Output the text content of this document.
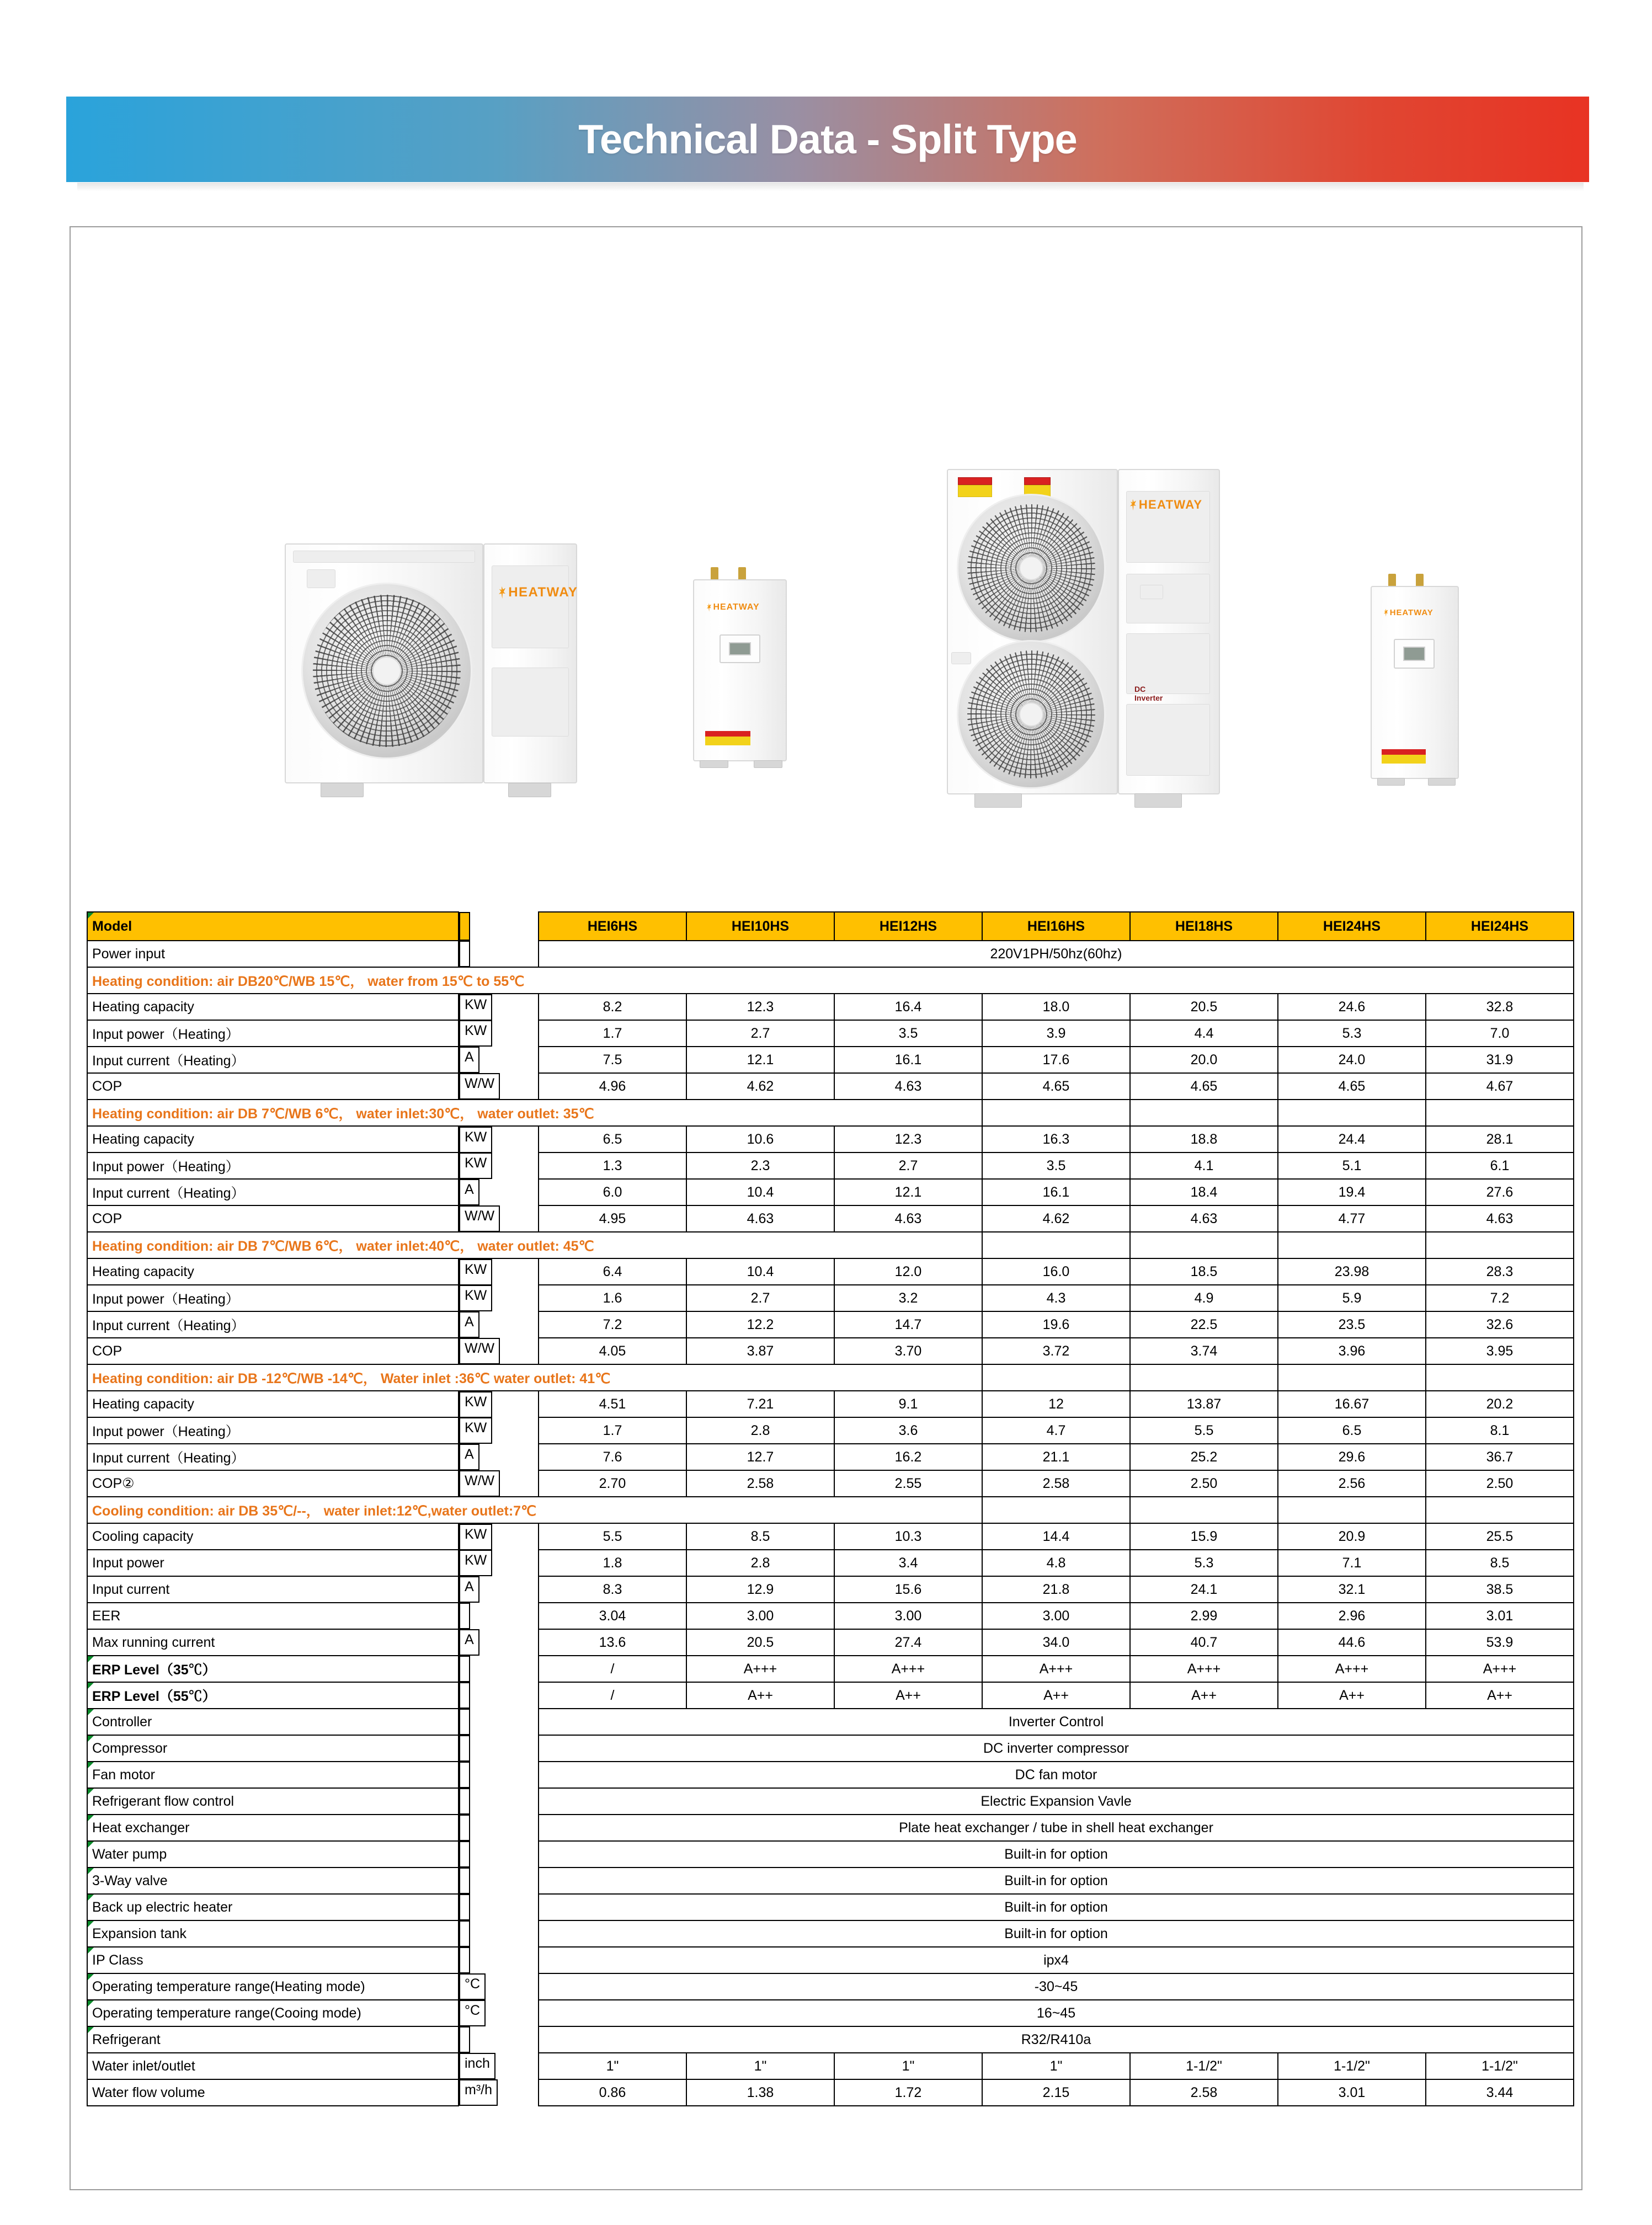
Technical Data - Split Type
HEATWAY
HEATWAY
HEATWAY
DC Inverter
HEATWAY
Model	HEI6HS	HEI10HS	HEI12HS	HEI16HS	HEI18HS	HEI24HS	HEI24HS
Power input	220V1PH/50hz(60hz)						
Heating condition: air DB20℃/WB 15℃， water from 15℃ to 55℃							
Heating capacity		KW	8.2	12.3	16.4	18.0	20.5	24.6	32.8
Input power（Heating）		KW	1.7	2.7	3.5	3.9	4.4	5.3	7.0
Input current（Heating）		A	7.5	12.1	16.1	17.6	20.0	24.0	31.9
COP		W/W	4.96	4.62	4.63	4.65	4.65	4.65	4.67
Heating condition: air DB 7℃/WB 6℃， water inlet:30℃， water outlet: 35℃							
Heating capacity		KW	6.5	10.6	12.3	16.3	18.8	24.4	28.1
Input power（Heating）		KW	1.3	2.3	2.7	3.5	4.1	5.1	6.1
Input current（Heating）		A	6.0	10.4	12.1	16.1	18.4	19.4	27.6
COP		W/W	4.95	4.63	4.63	4.62	4.63	4.77	4.63
Heating condition: air DB 7℃/WB 6℃， water inlet:40℃， water outlet: 45℃							
Heating capacity		KW	6.4	10.4	12.0	16.0	18.5	23.98	28.3
Input power（Heating）		KW	1.6	2.7	3.2	4.3	4.9	5.9	7.2
Input current（Heating）		A	7.2	12.2	14.7	19.6	22.5	23.5	32.6
COP		W/W	4.05	3.87	3.70	3.72	3.74	3.96	3.95
Heating condition: air DB -12℃/WB -14℃， Water inlet :36℃ water outlet: 41℃							
Heating capacity		KW	4.51	7.21	9.1	12	13.87	16.67	20.2
Input power（Heating）		KW	1.7	2.8	3.6	4.7	5.5	6.5	8.1
Input current（Heating）		A	7.6	12.7	16.2	21.1	25.2	29.6	36.7
COP②		W/W	2.70	2.58	2.55	2.58	2.50	2.56	2.50
Cooling condition: air DB 35℃/--， water inlet:12℃,water outlet:7℃							
Cooling capacity		KW	5.5	8.5	10.3	14.4	15.9	20.9	25.5
Input power		KW	1.8	2.8	3.4	4.8	5.3	7.1	8.5
Input current		A	8.3	12.9	15.6	21.8	24.1	32.1	38.5
EER	3.04	3.00	3.00	3.00	2.99	2.96	3.01
Max running current		A	13.6	20.5	27.4	34.0	40.7	44.6	53.9
ERP Level（35℃）	/	A+++	A+++	A+++	A+++	A+++	A+++
ERP Level（55℃）	/	A++	A++	A++	A++	A++	A++
Controller	Inverter Control						
Compressor	DC inverter compressor						
Fan motor	DC fan motor						
Refrigerant flow control	Electric Expansion Vavle						
Heat exchanger	Plate heat exchanger / tube in shell heat exchanger						
Water pump	Built-in for option						
3-Way valve	Built-in for option						
Back up electric heater	Built-in for option						
Expansion tank	Built-in for option						
IP Class	ipx4						
Operating temperature range(Heating mode)		°C	-30~45						
Operating temperature range(Cooing mode)		°C	16~45						
Refrigerant	R32/R410a						
Water inlet/outlet		inch	1"	1"	1"	1"	1-1/2"	1-1/2"	1-1/2"
Water flow volume		m³/h	0.86	1.38	1.72	2.15	2.58	3.01	3.44
